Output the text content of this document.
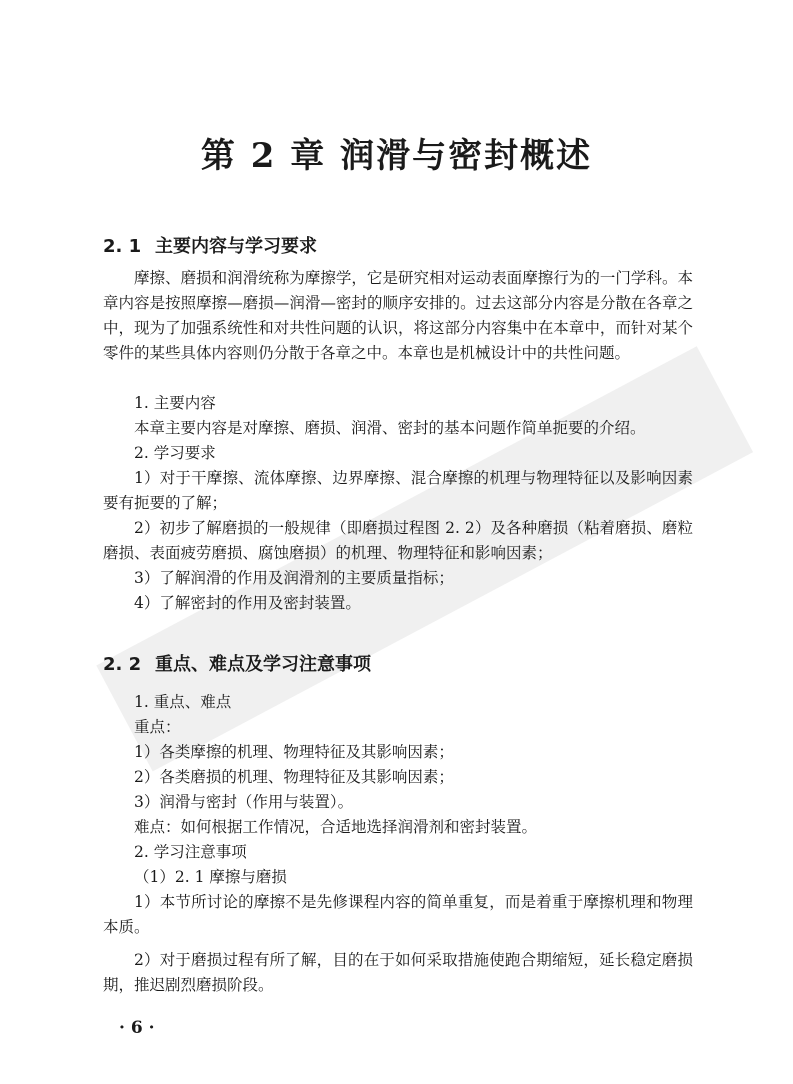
第 2 章 润滑与密封概述
2. 1 主要内容与学习要求
摩擦、磨损和润滑统称为摩擦学，它是研究相对运动表面摩擦行为的一门学科。本章内容是按照摩擦—磨损—润滑—密封的顺序安排的。过去这部分内容是分散在各章之中，现为了加强系统性和对共性问题的认识，将这部分内容集中在本章中，而针对某个零件的某些具体内容则仍分散于各章之中。本章也是机械设计中的共性问题。
1. 主要内容
本章主要内容是对摩擦、磨损、润滑、密封的基本问题作简单扼要的介绍。
2. 学习要求
1）对于干摩擦、流体摩擦、边界摩擦、混合摩擦的机理与物理特征以及影响因素要有扼要的了解；
2）初步了解磨损的一般规律（即磨损过程图 2. 2）及各种磨损（粘着磨损、磨粒磨损、表面疲劳磨损、腐蚀磨损）的机理、物理特征和影响因素；
3）了解润滑的作用及润滑剂的主要质量指标；
4）了解密封的作用及密封装置。
2. 2 重点、难点及学习注意事项
1. 重点、难点
重点：
1）各类摩擦的机理、物理特征及其影响因素；
2）各类磨损的机理、物理特征及其影响因素；
3）润滑与密封（作用与装置）。
难点：如何根据工作情况，合适地选择润滑剂和密封装置。
2. 学习注意事项
（1）2. 1 摩擦与磨损
1）本节所讨论的摩擦不是先修课程内容的简单重复，而是着重于摩擦机理和物理本质。
2）对于磨损过程有所了解，目的在于如何采取措施使跑合期缩短，延长稳定磨损期，推迟剧烈磨损阶段。
· 6 ·
